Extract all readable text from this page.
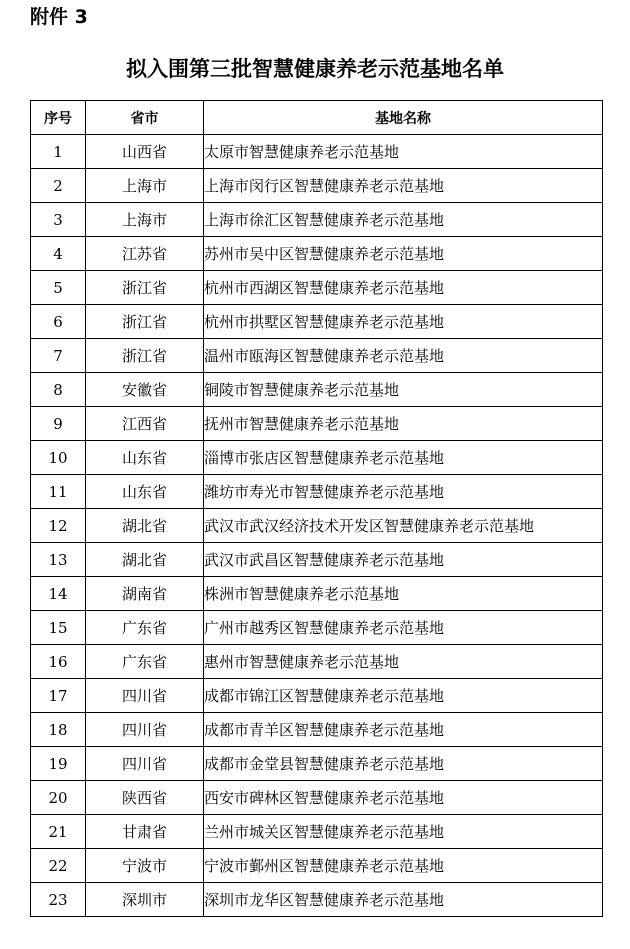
附件 3

拟入围第三批智慧健康养老示范基地名单
序号	省市	基地名称
1	山西省	太原市智慧健康养老示范基地
2	上海市	上海市闵行区智慧健康养老示范基地
3	上海市	上海市徐汇区智慧健康养老示范基地
4	江苏省	苏州市吴中区智慧健康养老示范基地
5	浙江省	杭州市西湖区智慧健康养老示范基地
6	浙江省	杭州市拱墅区智慧健康养老示范基地
7	浙江省	温州市瓯海区智慧健康养老示范基地
8	安徽省	铜陵市智慧健康养老示范基地
9	江西省	抚州市智慧健康养老示范基地
10	山东省	淄博市张店区智慧健康养老示范基地
11	山东省	潍坊市寿光市智慧健康养老示范基地
12	湖北省	武汉市武汉经济技术开发区智慧健康养老示范基地
13	湖北省	武汉市武昌区智慧健康养老示范基地
14	湖南省	株洲市智慧健康养老示范基地
15	广东省	广州市越秀区智慧健康养老示范基地
16	广东省	惠州市智慧健康养老示范基地
17	四川省	成都市锦江区智慧健康养老示范基地
18	四川省	成都市青羊区智慧健康养老示范基地
19	四川省	成都市金堂县智慧健康养老示范基地
20	陕西省	西安市碑林区智慧健康养老示范基地
21	甘肃省	兰州市城关区智慧健康养老示范基地
22	宁波市	宁波市鄞州区智慧健康养老示范基地
23	深圳市	深圳市龙华区智慧健康养老示范基地
